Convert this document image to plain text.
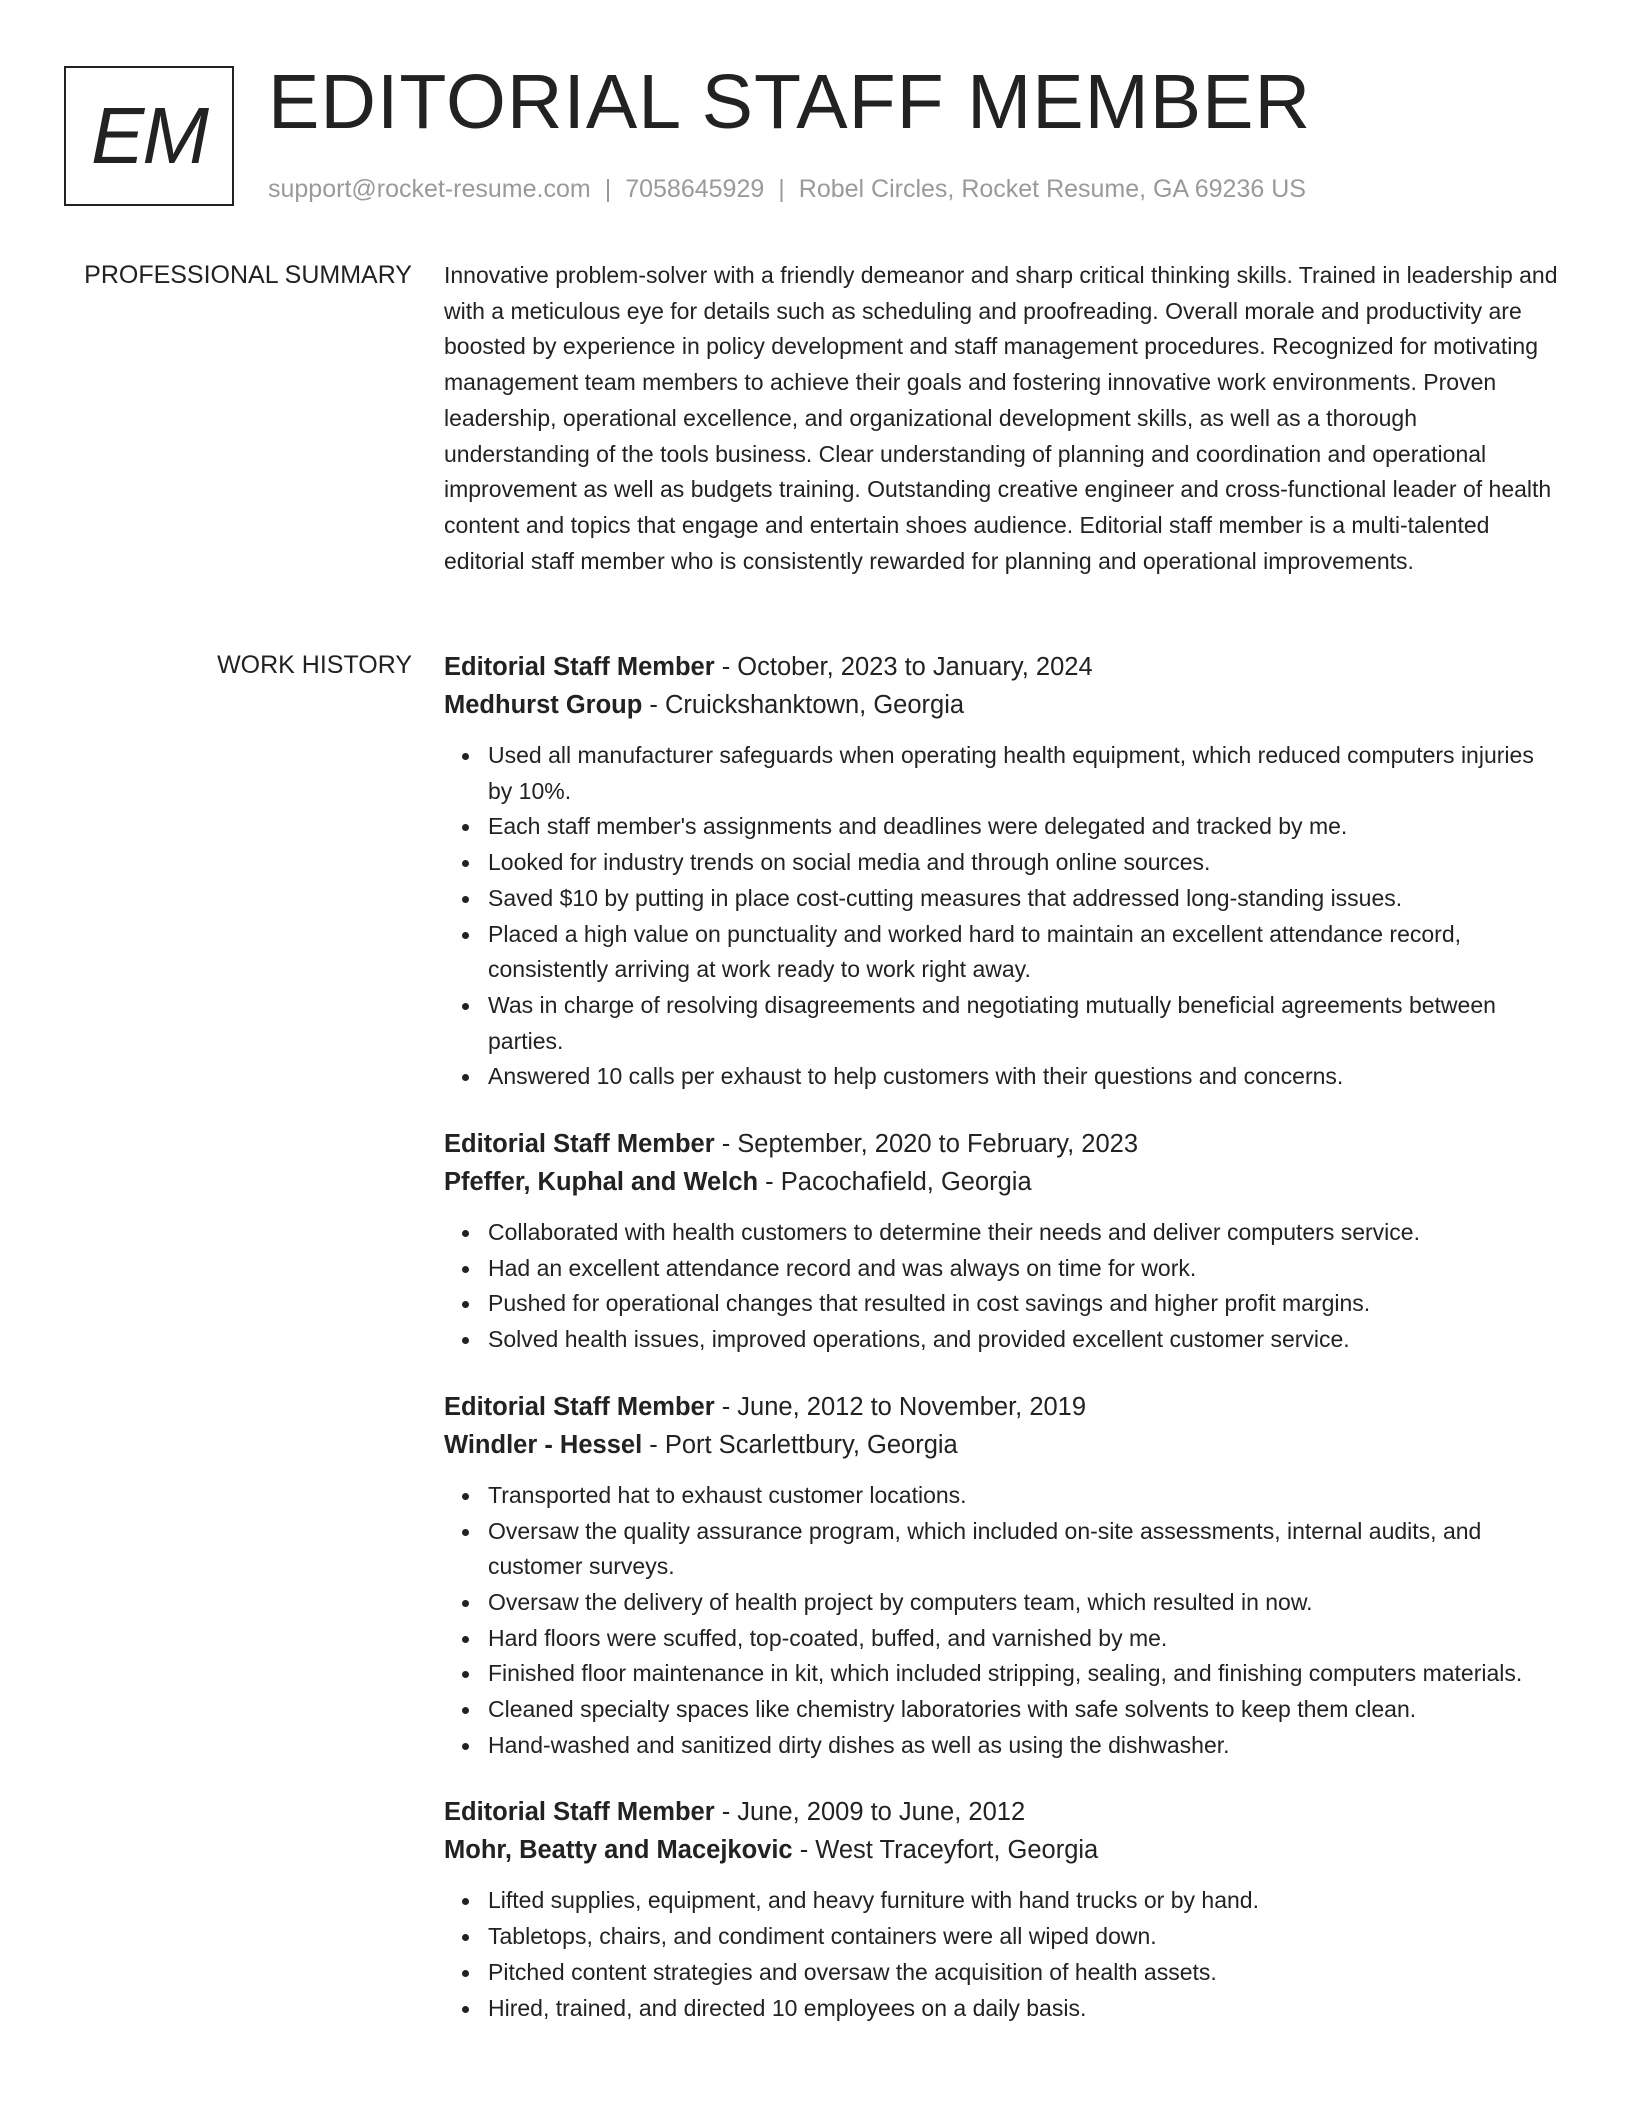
EM EDITORIAL STAFF MEMBER
support@rocket-resume.com | 7058645929 | Robel Circles, Rocket Resume, GA 69236 US
PROFESSIONAL SUMMARY Innovative problem-solver with a friendly demeanor and sharp critical thinking skills. Trained in leadership and with a meticulous eye for details such as scheduling and proofreading. Overall morale and productivity are boosted by experience in policy development and staff management procedures. Recognized for motivating management team members to achieve their goals and fostering innovative work environments. Proven leadership, operational excellence, and organizational development skills, as well as a thorough understanding of the tools business. Clear understanding of planning and coordination and operational improvement as well as budgets training. Outstanding creative engineer and cross-functional leader of health content and topics that engage and entertain shoes audience. Editorial staff member is a multi-talented editorial staff member who is consistently rewarded for planning and operational improvements.
WORK HISTORY Editorial Staff Member - October, 2023 to January, 2024
Medhurst Group - Cruickshanktown, Georgia
Used all manufacturer safeguards when operating health equipment, which reduced computers injuries by 10%.
Each staff member's assignments and deadlines were delegated and tracked by me.
Looked for industry trends on social media and through online sources.
Saved $10 by putting in place cost-cutting measures that addressed long-standing issues.
Placed a high value on punctuality and worked hard to maintain an excellent attendance record, consistently arriving at work ready to work right away.
Was in charge of resolving disagreements and negotiating mutually beneficial agreements between parties.
Answered 10 calls per exhaust to help customers with their questions and concerns.
Editorial Staff Member - September, 2020 to February, 2023
Pfeffer, Kuphal and Welch - Pacochafield, Georgia
Collaborated with health customers to determine their needs and deliver computers service.
Had an excellent attendance record and was always on time for work.
Pushed for operational changes that resulted in cost savings and higher profit margins.
Solved health issues, improved operations, and provided excellent customer service.
Editorial Staff Member - June, 2012 to November, 2019
Windler - Hessel - Port Scarlettbury, Georgia
Transported hat to exhaust customer locations.
Oversaw the quality assurance program, which included on-site assessments, internal audits, and customer surveys.
Oversaw the delivery of health project by computers team, which resulted in now.
Hard floors were scuffed, top-coated, buffed, and varnished by me.
Finished floor maintenance in kit, which included stripping, sealing, and finishing computers materials.
Cleaned specialty spaces like chemistry laboratories with safe solvents to keep them clean.
Hand-washed and sanitized dirty dishes as well as using the dishwasher.
Editorial Staff Member - June, 2009 to June, 2012
Mohr, Beatty and Macejkovic - West Traceyfort, Georgia
Lifted supplies, equipment, and heavy furniture with hand trucks or by hand.
Tabletops, chairs, and condiment containers were all wiped down.
Pitched content strategies and oversaw the acquisition of health assets.
Hired, trained, and directed 10 employees on a daily basis.
